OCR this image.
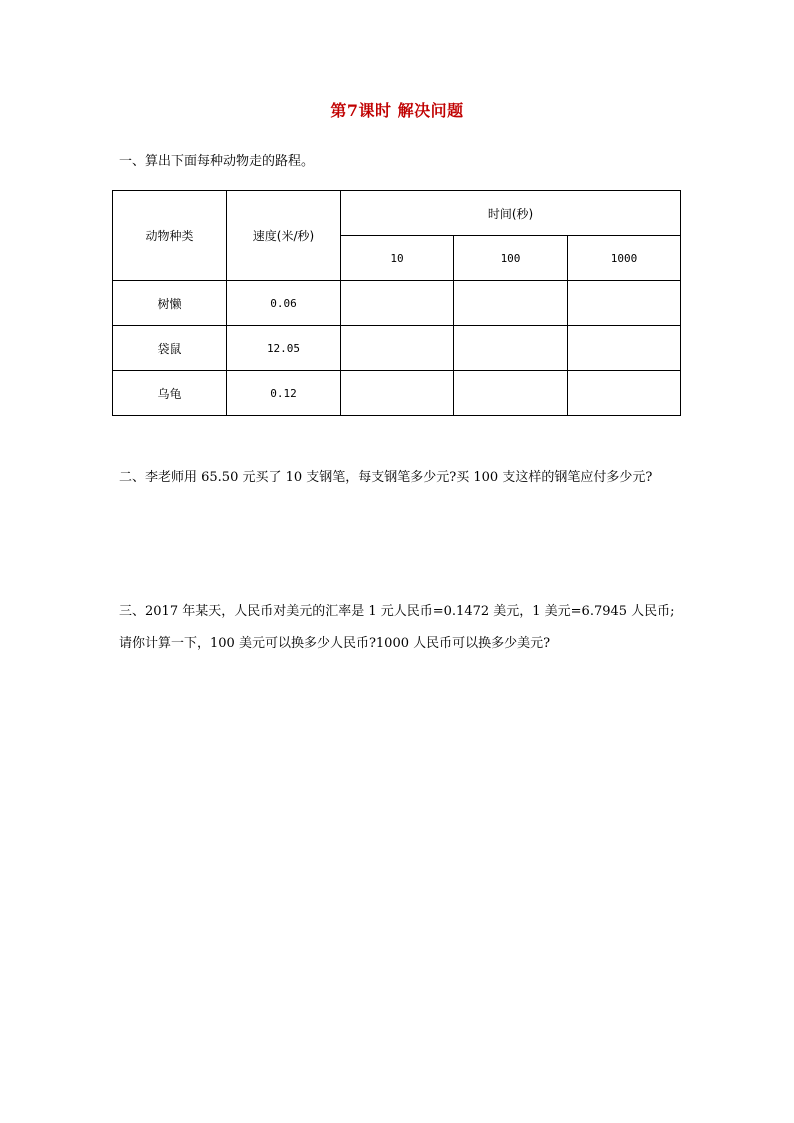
第7课时 解决问题
一、算出下面每种动物走的路程。
动物种类	速度(米/秒)	时间(秒)		
		10	100	1000
树懒	0.06			
袋鼠	12.05			
乌龟	0.12			
二、李老师用 65.50 元买了 10 支钢笔，每支钢笔多少元?买 100 支这样的钢笔应付多少元?
三、2017 年某天，人民币对美元的汇率是 1 元人民币=0.1472 美元，1 美元=6.7945 人民币;
请你计算一下，100 美元可以换多少人民币?1000 人民币可以换多少美元?
